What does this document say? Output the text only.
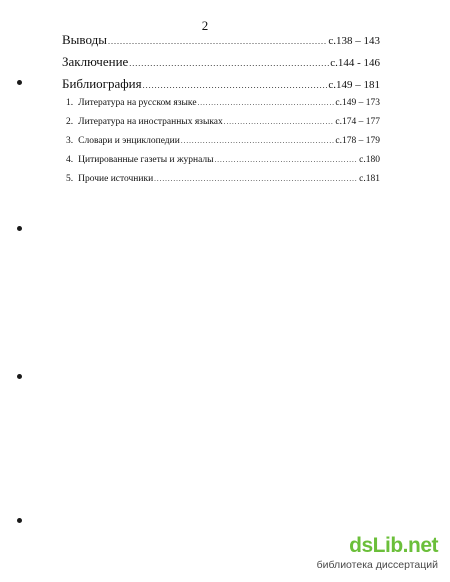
2
Выводы .....	с.138 – 143
Заключение .....	с.144 - 146
Библиография .....	с.149 – 181
1. Литература на русском языке .....	с.149 – 173
2. Литература на иностранных языках .....	с.174 – 177
3. Словари и энциклопедии .....	с.178 – 179
4. Цитированные газеты и журналы .....	с.180
5. Прочие источники .....	с.181
dsLib.net
библиотека диссертаций
